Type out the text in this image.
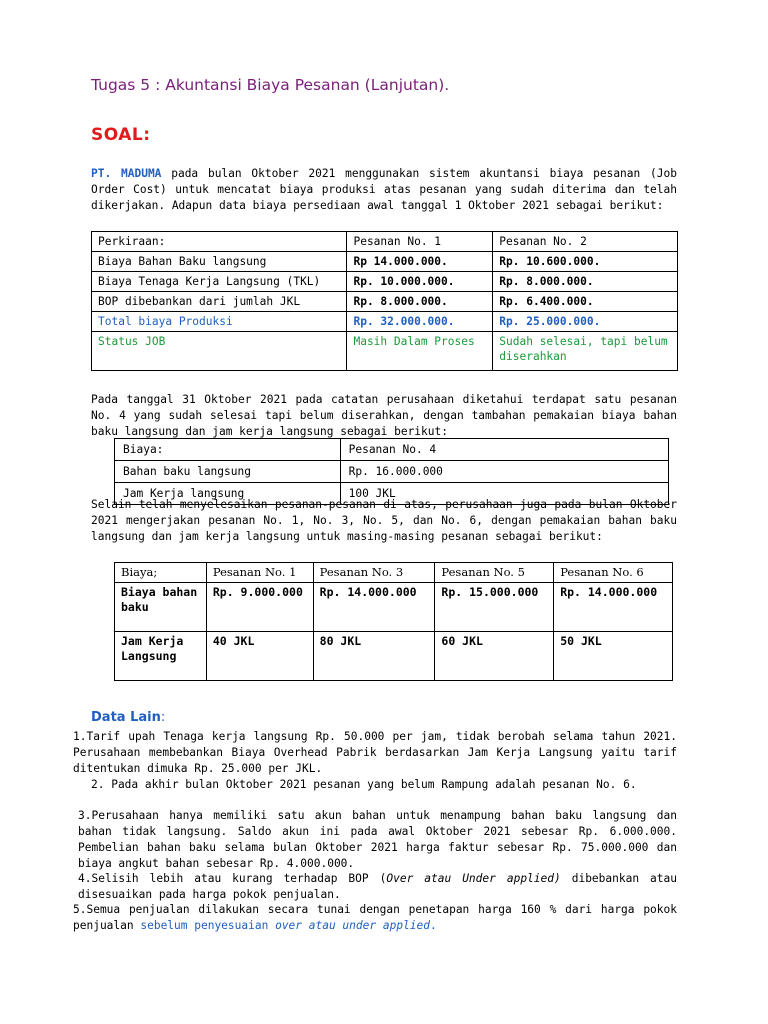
Tugas 5 : Akuntansi Biaya Pesanan (Lanjutan).
SOAL:
PT. MADUMA pada bulan Oktober 2021 menggunakan sistem akuntansi biaya pesanan (Job Order Cost) untuk mencatat biaya produksi atas pesanan yang sudah diterima dan telah dikerjakan. Adapun data biaya persediaan awal tanggal 1 Oktober 2021 sebagai berikut:
Perkiraan:	Pesanan No. 1	Pesanan No. 2
Biaya Bahan Baku langsung	Rp 14.000.000.	Rp. 10.600.000.
Biaya Tenaga Kerja Langsung (TKL)	Rp. 10.000.000.	Rp. 8.000.000.
BOP dibebankan dari jumlah JKL	Rp. 8.000.000.	Rp. 6.400.000.
Total biaya Produksi	Rp. 32.000.000.	Rp. 25.000.000.
Status JOB	Masih Dalam Proses	Sudah selesai, tapi belum diserahkan
Pada tanggal 31 Oktober 2021 pada catatan perusahaan diketahui terdapat satu pesanan No. 4 yang sudah selesai tapi belum diserahkan, dengan tambahan pemakaian biaya bahan baku langsung dan jam kerja langsung sebagai berikut:
Biaya:	Pesanan No. 4
Bahan baku langsung	Rp. 16.000.000
Jam Kerja langsung	100 JKL
Selain telah menyelesaikan pesanan-pesanan di atas, perusahaan juga pada bulan Oktober 2021 mengerjakan pesanan No. 1, No. 3, No. 5, dan No. 6, dengan pemakaian bahan baku langsung dan jam kerja langsung untuk masing-masing pesanan sebagai berikut:
Biaya;	Pesanan No. 1	Pesanan No. 3	Pesanan No. 5	Pesanan No. 6
Biaya bahan baku	Rp. 9.000.000	Rp. 14.000.000	Rp. 15.000.000	Rp. 14.000.000
Jam Kerja Langsung	40 JKL	80 JKL	60 JKL	50 JKL
Data Lain:
1.Tarif upah Tenaga kerja langsung Rp. 50.000 per jam, tidak berobah selama tahun 2021. Perusahaan membebankan Biaya Overhead Pabrik berdasarkan Jam Kerja Langsung yaitu tarif ditentukan dimuka Rp. 25.000 per JKL.
2. Pada akhir bulan Oktober 2021 pesanan yang belum Rampung adalah pesanan No. 6.
3.Perusahaan hanya memiliki satu akun bahan untuk menampung bahan baku langsung dan bahan tidak langsung. Saldo akun ini pada awal Oktober 2021 sebesar Rp. 6.000.000. Pembelian bahan baku selama bulan Oktober 2021 harga faktur sebesar Rp. 75.000.000 dan biaya angkut bahan sebesar Rp. 4.000.000.
4.Selisih lebih atau kurang terhadap BOP (Over atau Under applied) dibebankan atau disesuaikan pada harga pokok penjualan.
5.Semua penjualan dilakukan secara tunai dengan penetapan harga 160 % dari harga pokok penjualan sebelum penyesuaian over atau under applied.
